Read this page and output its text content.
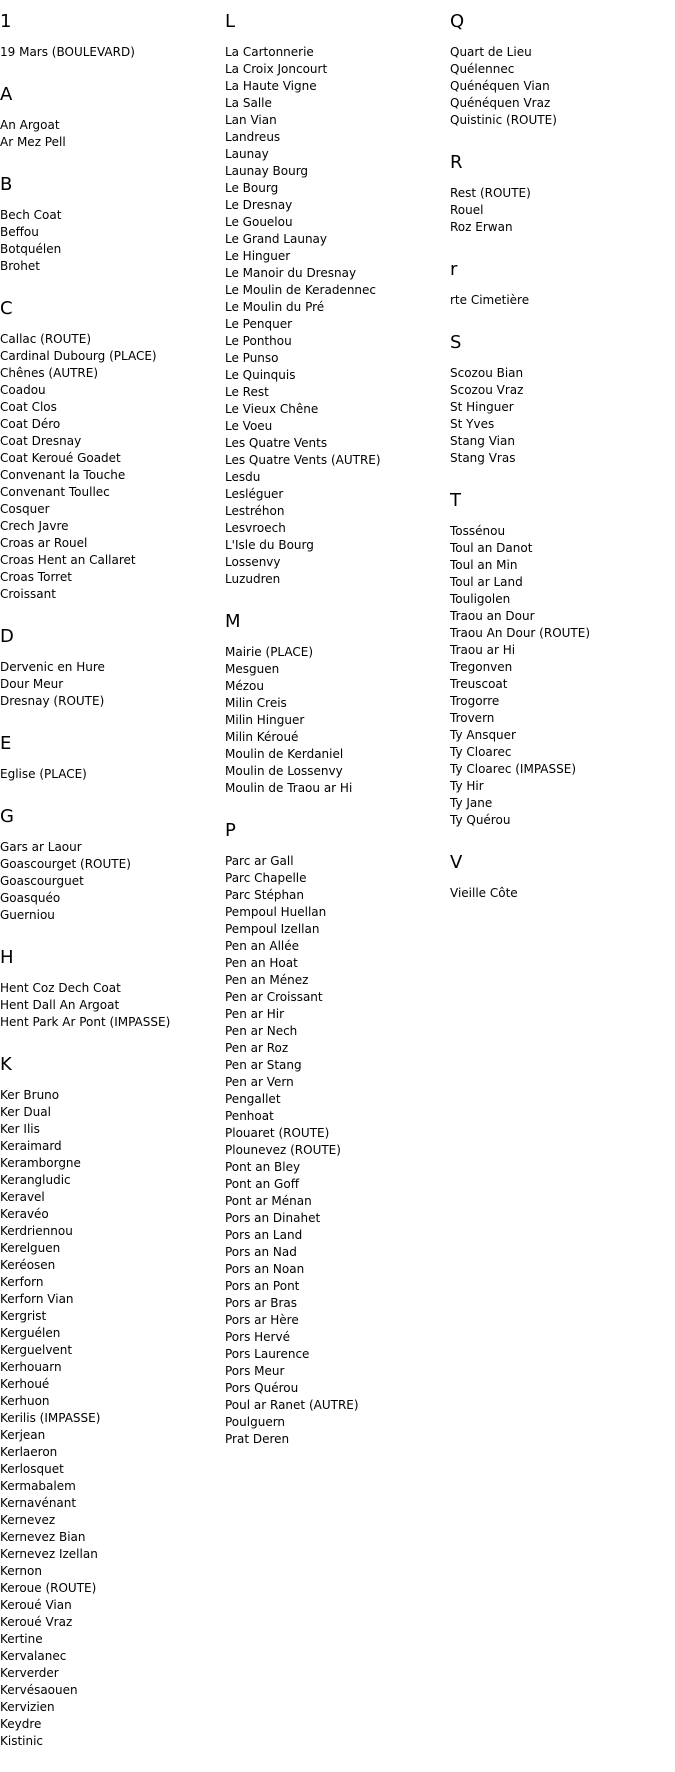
1
19 Mars (BOULEVARD)
A
An Argoat
Ar Mez Pell
B
Bech Coat
Beffou
Botquélen
Brohet
C
Callac (ROUTE)
Cardinal Dubourg (PLACE)
Chênes (AUTRE)
Coadou
Coat Clos
Coat Déro
Coat Dresnay
Coat Keroué Goadet
Convenant la Touche
Convenant Toullec
Cosquer
Crech Javre
Croas ar Rouel
Croas Hent an Callaret
Croas Torret
Croissant
D
Dervenic en Hure
Dour Meur
Dresnay (ROUTE)
E
Eglise (PLACE)
G
Gars ar Laour
Goascourget (ROUTE)
Goascourguet
Goasquéo
Guerniou
H
Hent Coz Dech Coat
Hent Dall An Argoat
Hent Park Ar Pont (IMPASSE)
K
Ker Bruno
Ker Dual
Ker Ilis
Keraimard
Keramborgne
Kerangludic
Keravel
Keravéo
Kerdriennou
Kerelguen
Keréosen
Kerforn
Kerforn Vian
Kergrist
Kerguélen
Kerguelvent
Kerhouarn
Kerhoué
Kerhuon
Kerilis (IMPASSE)
Kerjean
Kerlaeron
Kerlosquet
Kermabalem
Kernavénant
Kernevez
Kernevez Bian
Kernevez Izellan
Kernon
Keroue (ROUTE)
Keroué Vian
Keroué Vraz
Kertine
Kervalanec
Kerverder
Kervésaouen
Kervizien
Keydre
Kistinic
L
La Cartonnerie
La Croix Joncourt
La Haute Vigne
La Salle
Lan Vian
Landreus
Launay
Launay Bourg
Le Bourg
Le Dresnay
Le Gouelou
Le Grand Launay
Le Hinguer
Le Manoir du Dresnay
Le Moulin de Keradennec
Le Moulin du Pré
Le Penquer
Le Ponthou
Le Punso
Le Quinquis
Le Rest
Le Vieux Chêne
Le Voeu
Les Quatre Vents
Les Quatre Vents (AUTRE)
Lesdu
Lesléguer
Lestréhon
Lesvroech
L'Isle du Bourg
Lossenvy
Luzudren
M
Mairie (PLACE)
Mesguen
Mézou
Milin Creis
Milin Hinguer
Milin Kéroué
Moulin de Kerdaniel
Moulin de Lossenvy
Moulin de Traou ar Hi
P
Parc ar Gall
Parc Chapelle
Parc Stéphan
Pempoul Huellan
Pempoul Izellan
Pen an Allée
Pen an Hoat
Pen an Ménez
Pen ar Croissant
Pen ar Hir
Pen ar Nech
Pen ar Roz
Pen ar Stang
Pen ar Vern
Pengallet
Penhoat
Plouaret (ROUTE)
Plounevez (ROUTE)
Pont an Bley
Pont an Goff
Pont ar Ménan
Pors an Dinahet
Pors an Land
Pors an Nad
Pors an Noan
Pors an Pont
Pors ar Bras
Pors ar Hère
Pors Hervé
Pors Laurence
Pors Meur
Pors Quérou
Poul ar Ranet (AUTRE)
Poulguern
Prat Deren
Q
Quart de Lieu
Quélennec
Quénéquen Vian
Quénéquen Vraz
Quistinic (ROUTE)
R
Rest (ROUTE)
Rouel
Roz Erwan
r
rte Cimetière
S
Scozou Bian
Scozou Vraz
St Hinguer
St Yves
Stang Vian
Stang Vras
T
Tossénou
Toul an Danot
Toul an Min
Toul ar Land
Touligolen
Traou an Dour
Traou An Dour (ROUTE)
Traou ar Hi
Tregonven
Treuscoat
Trogorre
Trovern
Ty Ansquer
Ty Cloarec
Ty Cloarec (IMPASSE)
Ty Hir
Ty Jane
Ty Quérou
V
Vieille Côte
